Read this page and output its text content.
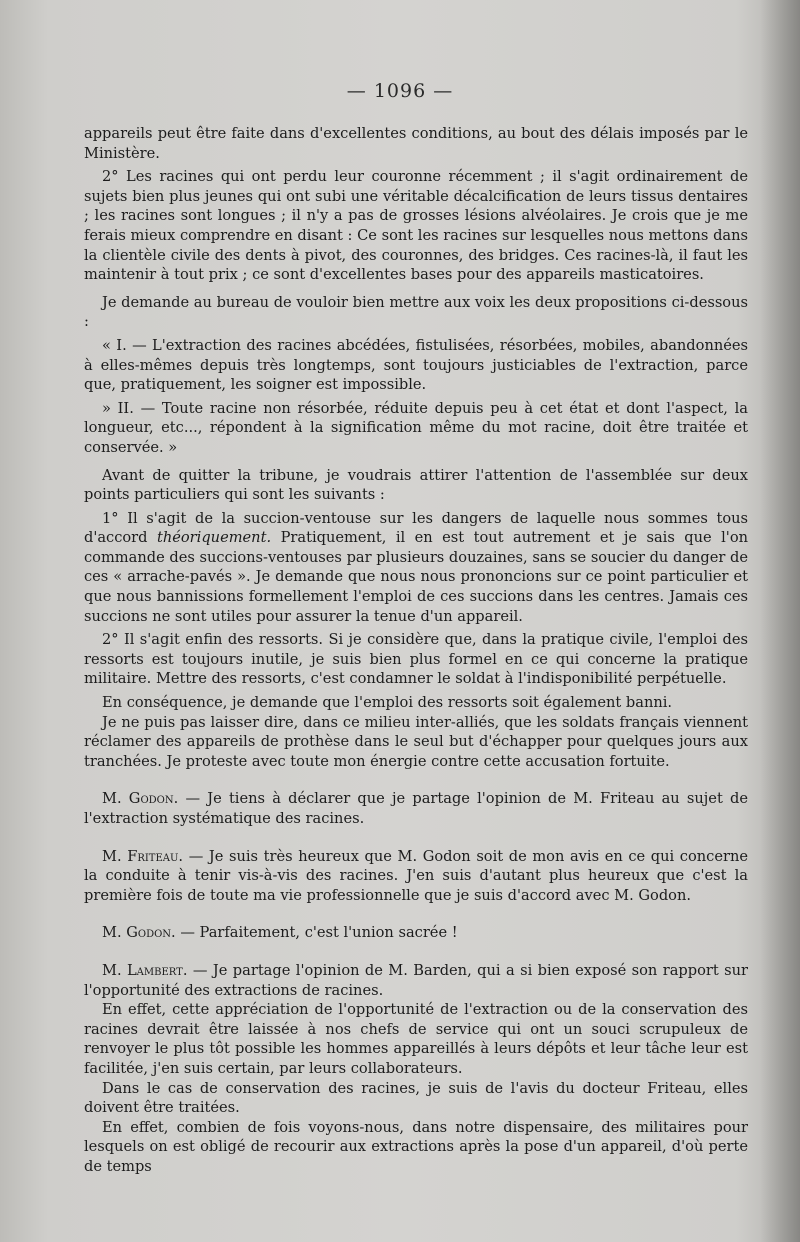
— 1096 —

appareils peut être faite dans d'excellentes conditions, au bout des délais imposés par le Ministère.

2° Les racines qui ont perdu leur couronne récemment ; il s'agit ordinairement de sujets bien plus jeunes qui ont subi une véritable décalcification de leurs tissus dentaires ; les racines sont longues ; il n'y a pas de grosses lésions alvéolaires. Je crois que je me ferais mieux comprendre en disant : Ce sont les racines sur lesquelles nous mettons dans la clientèle civile des dents à pivot, des couronnes, des bridges. Ces racines-là, il faut les maintenir à tout prix ; ce sont d'excellentes bases pour des appareils masticatoires.

Je demande au bureau de vouloir bien mettre aux voix les deux propositions ci-dessous :

« I. — L'extraction des racines abcédées, fistulisées, résorbées, mobiles, abandonnées à elles-mêmes depuis très longtemps, sont toujours justiciables de l'extraction, parce que, pratiquement, les soigner est impossible.

» II. — Toute racine non résorbée, réduite depuis peu à cet état et dont l'aspect, la longueur, etc..., répondent à la signification même du mot racine, doit être traitée et conservée. »

Avant de quitter la tribune, je voudrais attirer l'attention de l'assemblée sur deux points particuliers qui sont les suivants :

1° Il s'agit de la succion-ventouse sur les dangers de laquelle nous sommes tous d'accord théoriquement. Pratiquement, il en est tout autrement et je sais que l'on commande des succions-ventouses par plusieurs douzaines, sans se soucier du danger de ces « arrache-pavés ». Je demande que nous nous prononcions sur ce point particulier et que nous bannissions formellement l'emploi de ces succions dans les centres. Jamais ces succions ne sont utiles pour assurer la tenue d'un appareil.

2° Il s'agit enfin des ressorts. Si je considère que, dans la pratique civile, l'emploi des ressorts est toujours inutile, je suis bien plus formel en ce qui concerne la pratique militaire. Mettre des ressorts, c'est condamner le soldat à l'indisponibilité perpétuelle.

En conséquence, je demande que l'emploi des ressorts soit également banni.

Je ne puis pas laisser dire, dans ce milieu inter-alliés, que les soldats français viennent réclamer des appareils de prothèse dans le seul but d'échapper pour quelques jours aux tranchées. Je proteste avec toute mon énergie contre cette accusation fortuite.

M. Godon. — Je tiens à déclarer que je partage l'opinion de M. Friteau au sujet de l'extraction systématique des racines.

M. Friteau. — Je suis très heureux que M. Godon soit de mon avis en ce qui concerne la conduite à tenir vis-à-vis des racines. J'en suis d'autant plus heureux que c'est la première fois de toute ma vie professionnelle que je suis d'accord avec M. Godon.

M. Godon. — Parfaitement, c'est l'union sacrée !

M. Lambert. — Je partage l'opinion de M. Barden, qui a si bien exposé son rapport sur l'opportunité des extractions de racines.

En effet, cette appréciation de l'opportunité de l'extraction ou de la conservation des racines devrait être laissée à nos chefs de service qui ont un souci scrupuleux de renvoyer le plus tôt possible les hommes appareillés à leurs dépôts et leur tâche leur est facilitée, j'en suis certain, par leurs collaborateurs.

Dans le cas de conservation des racines, je suis de l'avis du docteur Friteau, elles doivent être traitées.

En effet, combien de fois voyons-nous, dans notre dispensaire, des militaires pour lesquels on est obligé de recourir aux extractions après la pose d'un appareil, d'où perte de temps
